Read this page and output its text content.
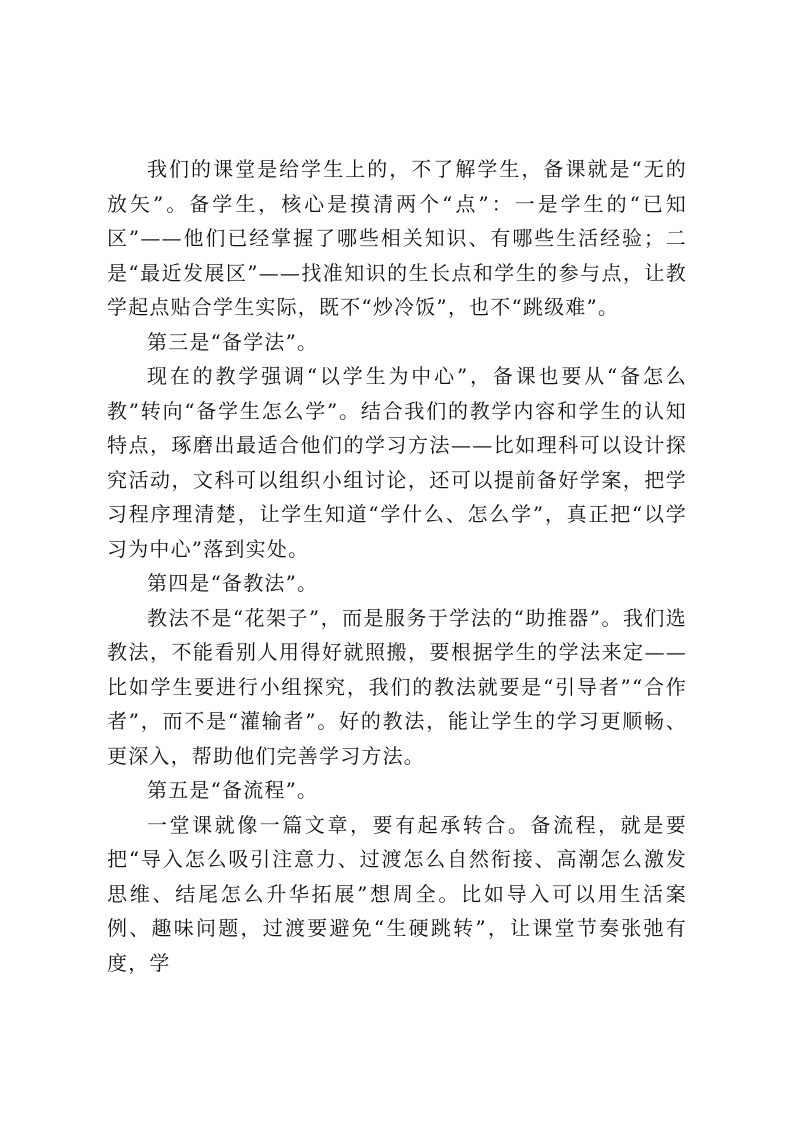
我们的课堂是给学生上的，不了解学生，备课就是“无的放矢”。备学生，核心是摸清两个“点”：一是学生的“已知区”——他们已经掌握了哪些相关知识、有哪些生活经验；二是“最近发展区”——找准知识的生长点和学生的参与点，让教学起点贴合学生实际，既不“炒冷饭”，也不“跳级难”。

第三是“备学法”。

现在的教学强调“以学生为中心”，备课也要从“备怎么教”转向“备学生怎么学”。结合我们的教学内容和学生的认知特点，琢磨出最适合他们的学习方法——比如理科可以设计探究活动，文科可以组织小组讨论，还可以提前备好学案，把学习程序理清楚，让学生知道“学什么、怎么学”，真正把“以学习为中心”落到实处。

第四是“备教法”。

教法不是“花架子”，而是服务于学法的“助推器”。我们选教法，不能看别人用得好就照搬，要根据学生的学法来定——比如学生要进行小组探究，我们的教法就要是“引导者”“合作者”，而不是“灌输者”。好的教法，能让学生的学习更顺畅、更深入，帮助他们完善学习方法。

第五是“备流程”。

一堂课就像一篇文章，要有起承转合。备流程，就是要把“导入怎么吸引注意力、过渡怎么自然衔接、高潮怎么激发思维、结尾怎么升华拓展”想周全。比如导入可以用生活案例、趣味问题，过渡要避免“生硬跳转”，让课堂节奏张弛有度，学
